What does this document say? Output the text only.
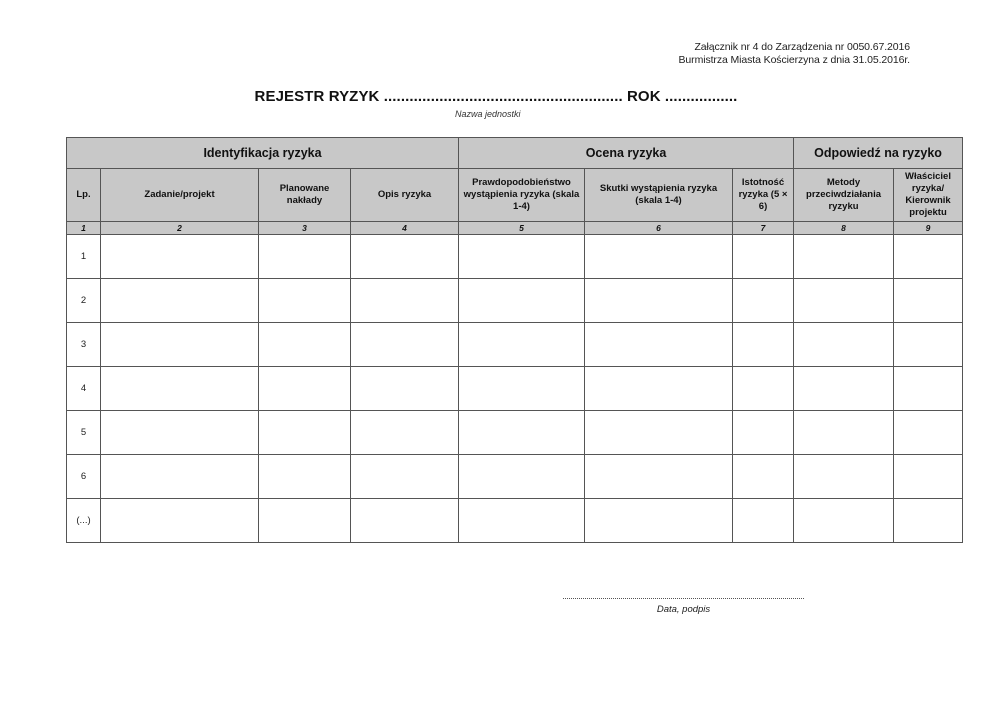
Załącznik nr 4 do Zarządzenia nr 0050.67.2016
Burmistrza Miasta Kościerzyna z dnia 31.05.2016r.
REJESTR RYZYK ........................................................ ROK .................
Nazwa jednostki
Identyfikacja ryzyka				Ocena ryzyka			Odpowiedź na ryzyko	
Lp.	Zadanie/projekt	Planowane nakłady	Opis ryzyka	Prawdopodobieństwo wystąpienia ryzyka (skala 1-4)	Skutki wystąpienia ryzyka (skala 1-4)	Istotność ryzyka (5 × 6)	Metody przeciwdziałania ryzyku	Właściciel ryzyka/ Kierownik projektu
1	2	3	4	5	6	7	8	9
1								
2								
3								
4								
5								
6								
(...)								
Data, podpis
